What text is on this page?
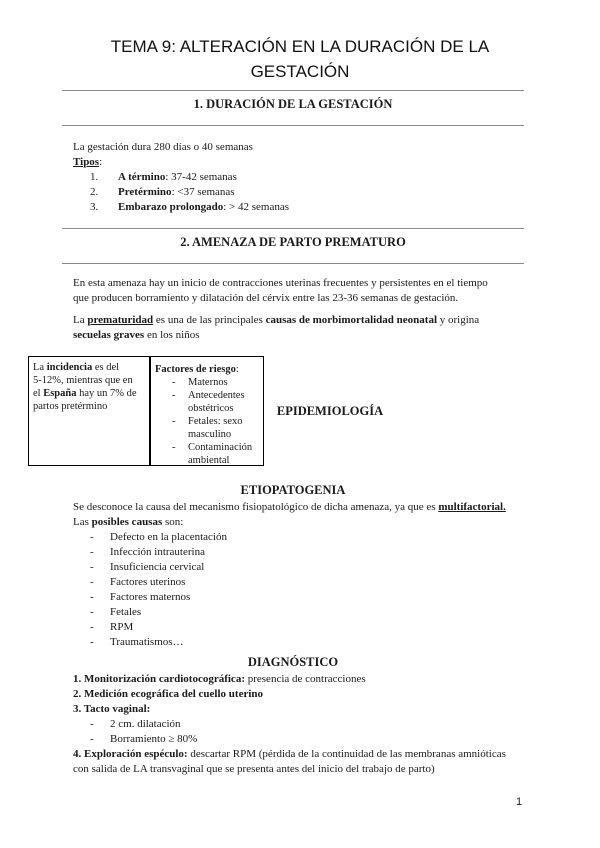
TEMA 9: ALTERACIÓN EN LA DURACIÓN DE LA
GESTACIÓN
1. DURACIÓN DE LA GESTACIÓN
La gestación dura 280 días o 40 semanas
Tipos:
1. A término: 37-42 semanas
2. Pretérmino: <37 semanas
3. Embarazo prolongado: > 42 semanas
2. AMENAZA DE PARTO PREMATURO
En esta amenaza hay un inicio de contracciones uterinas frecuentes y persistentes en el tiempo
que producen borramiento y dilatación del cérvix entre las 23-36 semanas de gestación.
La prematuridad es una de las principales causas de morbimortalidad neonatal y origina
secuelas graves en los niños
La incidencia es del
5-12%, mientras que en
el España hay un 7% de
partos pretérmino
Factores de riesgo:
- Maternos
- Antecedentes
obstétricos
- Fetales: sexo
masculino
- Contaminación
ambiental
EPIDEMIOLOGÍA
ETIOPATOGENIA
Se desconoce la causa del mecanismo fisiopatológico de dicha amenaza, ya que es multifactorial.
Las posibles causas son:
- Defecto en la placentación
- Infección intrauterina
- Insuficiencia cervical
- Factores uterinos
- Factores maternos
- Fetales
- RPM
- Traumatismos…
DIAGNÓSTICO
1. Monitorización cardiotocográfica: presencia de contracciones
2. Medición ecográfica del cuello uterino
3. Tacto vaginal:
- 2 cm. dilatación
- Borramiento ≥ 80%
4. Exploración espéculo: descartar RPM (pérdida de la continuidad de las membranas amnióticas
con salida de LA transvaginal que se presenta antes del inicio del trabajo de parto)
1
